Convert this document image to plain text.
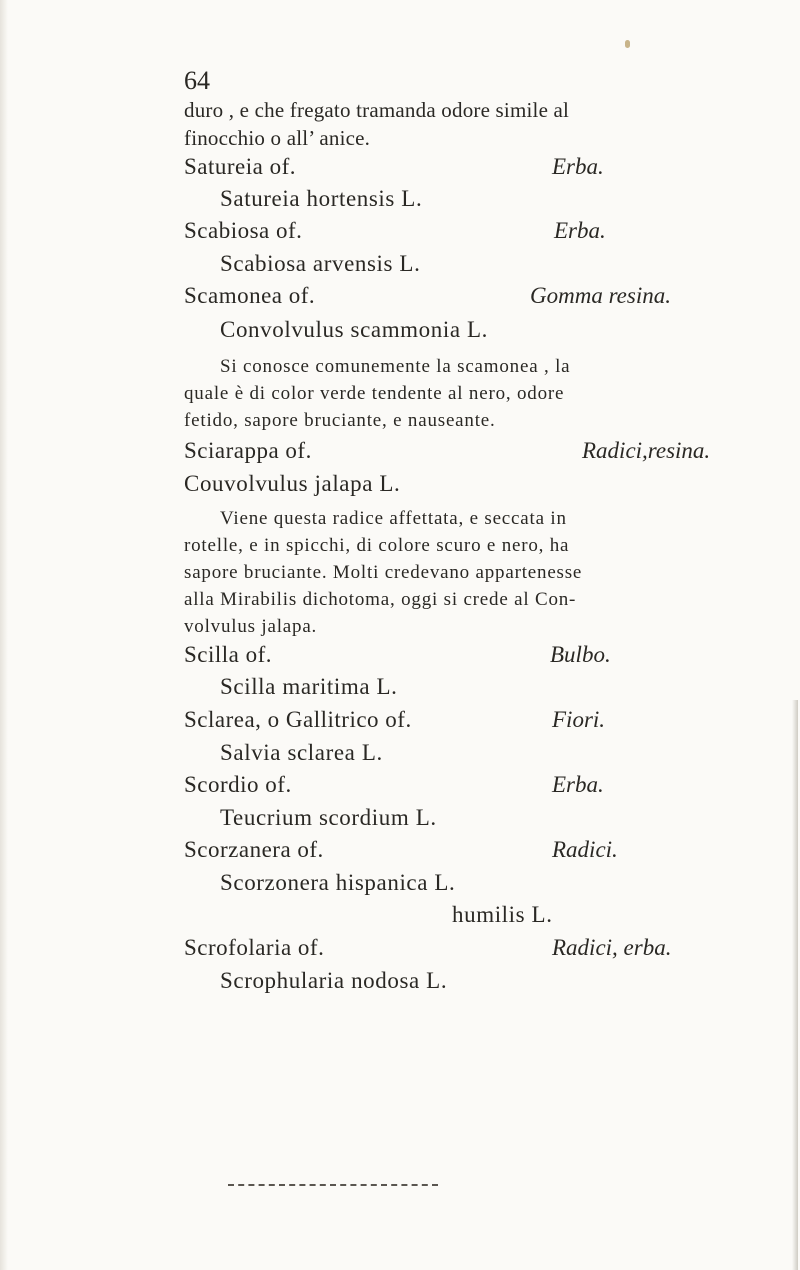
64
duro , e che fregato tramanda odore simile al
finocchio o all’ anice.
Satureia of.	Erba.
Satureia hortensis L.
Scabiosa of.	Erba.
Scabiosa arvensis L.
Scamonea of.	Gomma resina.
Convolvulus scammonia L.
Si conosce comunemente la scamonea , la
quale è di color verde tendente al nero, odore
fetido, sapore bruciante, e nauseante.
Sciarappa of.	Radici,resina.
Couvolvulus jalapa L.
Viene questa radice affettata, e seccata in
rotelle, e in spicchi, di colore scuro e nero, ha
sapore bruciante. Molti credevano appartenesse
alla Mirabilis dichotoma, oggi si crede al Con-
volvulus jalapa.
Scilla of.	Bulbo.
Scilla maritima L.
Sclarea, o Gallitrico of.	Fiori.
Salvia sclarea L.
Scordio of.	Erba.
Teucrium scordium L.
Scorzanera of.	Radici.
Scorzonera hispanica L.
humilis L.
Scrofolaria of.	Radici, erba.
Scrophularia nodosa L.
